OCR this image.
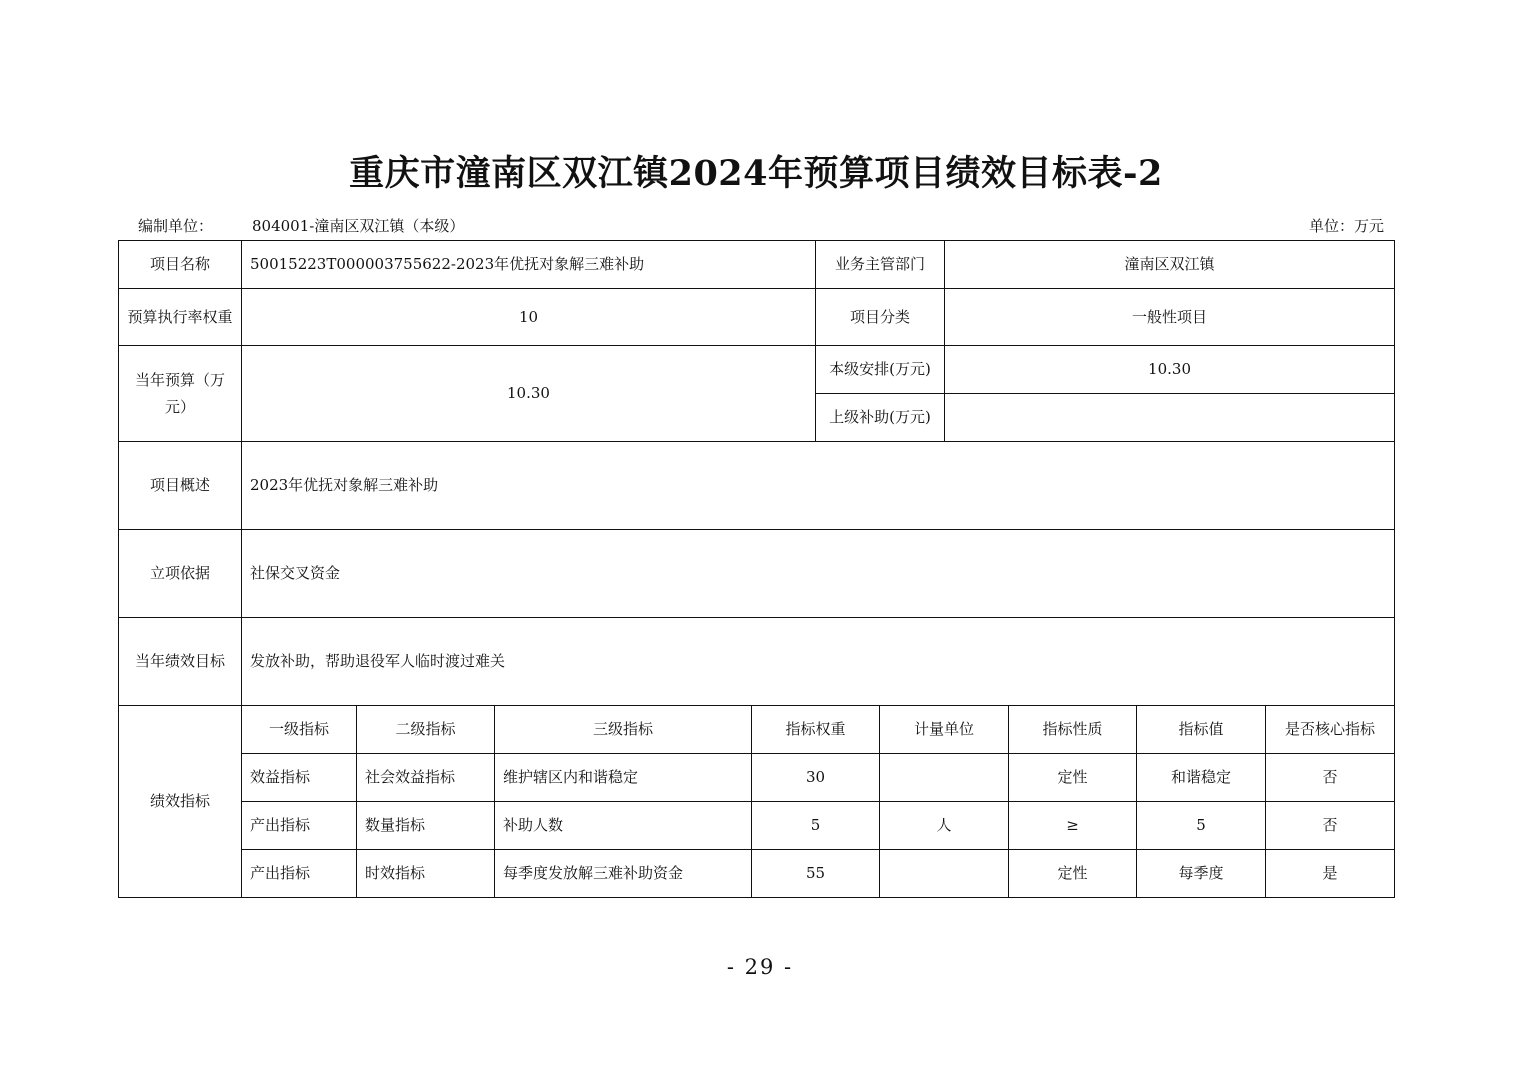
重庆市潼南区双江镇2024年预算项目绩效目标表-2
编制单位：	804001-潼南区双江镇（本级）	单位：万元
项目名称	50015223T000003755622-2023年优抚对象解三难补助				业务主管部门		潼南区双江镇			
预算执行率权重	10				项目分类		一般性项目			
当年预算（万元）	10.30				本级安排(万元)		10.30			
					上级补助(万元)					
项目概述	2023年优抚对象解三难补助									
立项依据	社保交叉资金									
当年绩效目标	发放补助，帮助退役军人临时渡过难关									
绩效指标	一级指标	二级指标	三级指标	指标权重		计量单位		指标性质	指标值	是否核心指标
	效益指标	社会效益指标	维护辖区内和谐稳定	30				定性	和谐稳定	否
	产出指标	数量指标	补助人数	5		人		≥	5	否
	产出指标	时效指标	每季度发放解三难补助资金	55				定性	每季度	是
- 29 -
